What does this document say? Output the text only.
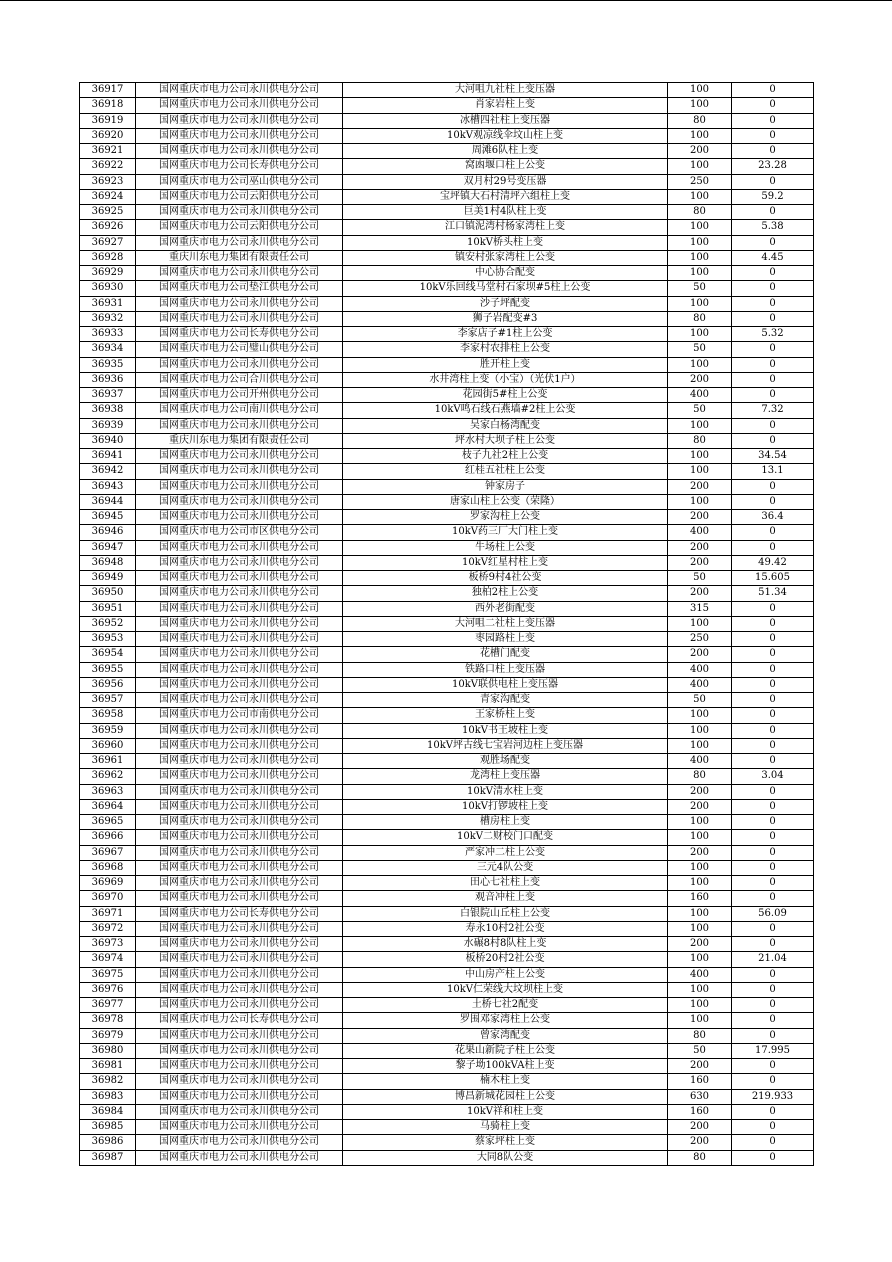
36917	国网重庆市电力公司永川供电分公司	大河咀九社柱上变压器	100	0
36918	国网重庆市电力公司永川供电分公司	肖家岩柱上变	100	0
36919	国网重庆市电力公司永川供电分公司	冰槽四社柱上变压器	80	0
36920	国网重庆市电力公司永川供电分公司	10kV观凉线伞坟山柱上变	100	0
36921	国网重庆市电力公司永川供电分公司	周滩6队柱上变	200	0
36922	国网重庆市电力公司长寿供电分公司	窝凼堰口柱上公变	100	23.28
36923	国网重庆市电力公司巫山供电分公司	双月村29号变压器	250	0
36924	国网重庆市电力公司云阳供电分公司	宝坪镇大石村清坪六组柱上变	100	59.2
36925	国网重庆市电力公司永川供电分公司	巨美1村4队柱上变	80	0
36926	国网重庆市电力公司云阳供电分公司	江口镇泥湾村杨家湾柱上变	100	5.38
36927	国网重庆市电力公司永川供电分公司	10kV桥头柱上变	100	0
36928	重庆川东电力集团有限责任公司	镇安村张家湾柱上公变	100	4.45
36929	国网重庆市电力公司永川供电分公司	中心协合配变	100	0
36930	国网重庆市电力公司垫江供电分公司	10kV乐回线马堂村石家坝#5柱上公变	50	0
36931	国网重庆市电力公司永川供电分公司	沙子坪配变	100	0
36932	国网重庆市电力公司永川供电分公司	狮子岩配变#3	80	0
36933	国网重庆市电力公司长寿供电分公司	李家店子#1柱上公变	100	5.32
36934	国网重庆市电力公司璧山供电分公司	李家村农排柱上公变	50	0
36935	国网重庆市电力公司永川供电分公司	胜开柱上变	100	0
36936	国网重庆市电力公司合川供电分公司	水井湾柱上变（小宝）（光伏1户）	200	0
36937	国网重庆市电力公司开州供电分公司	花园街5#柱上公变	400	0
36938	国网重庆市电力公司南川供电分公司	10kV鸣石线石燕墙#2柱上公变	50	7.32
36939	国网重庆市电力公司永川供电分公司	吴家白杨湾配变	100	0
36940	重庆川东电力集团有限责任公司	坪水村大坝子柱上公变	80	0
36941	国网重庆市电力公司永川供电分公司	枝子九社2柱上公变	100	34.54
36942	国网重庆市电力公司永川供电分公司	红桂五社柱上公变	100	13.1
36943	国网重庆市电力公司永川供电分公司	钟家房子	200	0
36944	国网重庆市电力公司永川供电分公司	唐家山柱上公变（荣隆）	100	0
36945	国网重庆市电力公司永川供电分公司	罗家沟柱上公变	200	36.4
36946	国网重庆市电力公司市区供电分公司	10kV药三厂大门柱上变	400	0
36947	国网重庆市电力公司永川供电分公司	牛场柱上公变	200	0
36948	国网重庆市电力公司永川供电分公司	10kV红星村柱上变	200	49.42
36949	国网重庆市电力公司永川供电分公司	板桥9村4社公变	50	15.605
36950	国网重庆市电力公司永川供电分公司	独柏2柱上公变	200	51.34
36951	国网重庆市电力公司永川供电分公司	西外老街配变	315	0
36952	国网重庆市电力公司永川供电分公司	大河咀二社柱上变压器	100	0
36953	国网重庆市电力公司永川供电分公司	枣园路柱上变	250	0
36954	国网重庆市电力公司永川供电分公司	花槽门配变	200	0
36955	国网重庆市电力公司永川供电分公司	铁路口柱上变压器	400	0
36956	国网重庆市电力公司永川供电分公司	10kV联供电柱上变压器	400	0
36957	国网重庆市电力公司永川供电分公司	青家沟配变	50	0
36958	国网重庆市电力公司市南供电分公司	王家桥柱上变	100	0
36959	国网重庆市电力公司永川供电分公司	10kV书王坡柱上变	100	0
36960	国网重庆市电力公司永川供电分公司	10kV坪古线七宝岩河边柱上变压器	100	0
36961	国网重庆市电力公司永川供电分公司	观胜场配变	400	0
36962	国网重庆市电力公司永川供电分公司	龙湾柱上变压器	80	3.04
36963	国网重庆市电力公司永川供电分公司	10kV清水柱上变	200	0
36964	国网重庆市电力公司永川供电分公司	10kV打锣坡柱上变	200	0
36965	国网重庆市电力公司永川供电分公司	槽房柱上变	100	0
36966	国网重庆市电力公司永川供电分公司	10kV二财校门口配变	100	0
36967	国网重庆市电力公司永川供电分公司	严家冲二柱上公变	200	0
36968	国网重庆市电力公司永川供电分公司	三元4队公变	100	0
36969	国网重庆市电力公司永川供电分公司	田心七社柱上变	100	0
36970	国网重庆市电力公司永川供电分公司	观音冲柱上变	160	0
36971	国网重庆市电力公司长寿供电分公司	白银院山丘柱上公变	100	56.09
36972	国网重庆市电力公司永川供电分公司	寿永10村2社公变	100	0
36973	国网重庆市电力公司永川供电分公司	水碾8村8队柱上变	200	0
36974	国网重庆市电力公司永川供电分公司	板桥20村2社公变	100	21.04
36975	国网重庆市电力公司永川供电分公司	中山房产柱上公变	400	0
36976	国网重庆市电力公司永川供电分公司	10kV仁荣线大坟坝柱上变	100	0
36977	国网重庆市电力公司永川供电分公司	土桥七社2配变	100	0
36978	国网重庆市电力公司长寿供电分公司	罗围邓家湾柱上公变	100	0
36979	国网重庆市电力公司永川供电分公司	曾家湾配变	80	0
36980	国网重庆市电力公司永川供电分公司	花果山新院子柱上公变	50	17.995
36981	国网重庆市电力公司永川供电分公司	黎子坳100kVA柱上变	200	0
36982	国网重庆市电力公司永川供电分公司	楠木柱上变	160	0
36983	国网重庆市电力公司永川供电分公司	博昌新城花园柱上公变	630	219.933
36984	国网重庆市电力公司永川供电分公司	10kV祥和柱上变	160	0
36985	国网重庆市电力公司永川供电分公司	马骑柱上变	200	0
36986	国网重庆市电力公司永川供电分公司	蔡家坪柱上变	200	0
36987	国网重庆市电力公司永川供电分公司	大同8队公变	80	0
